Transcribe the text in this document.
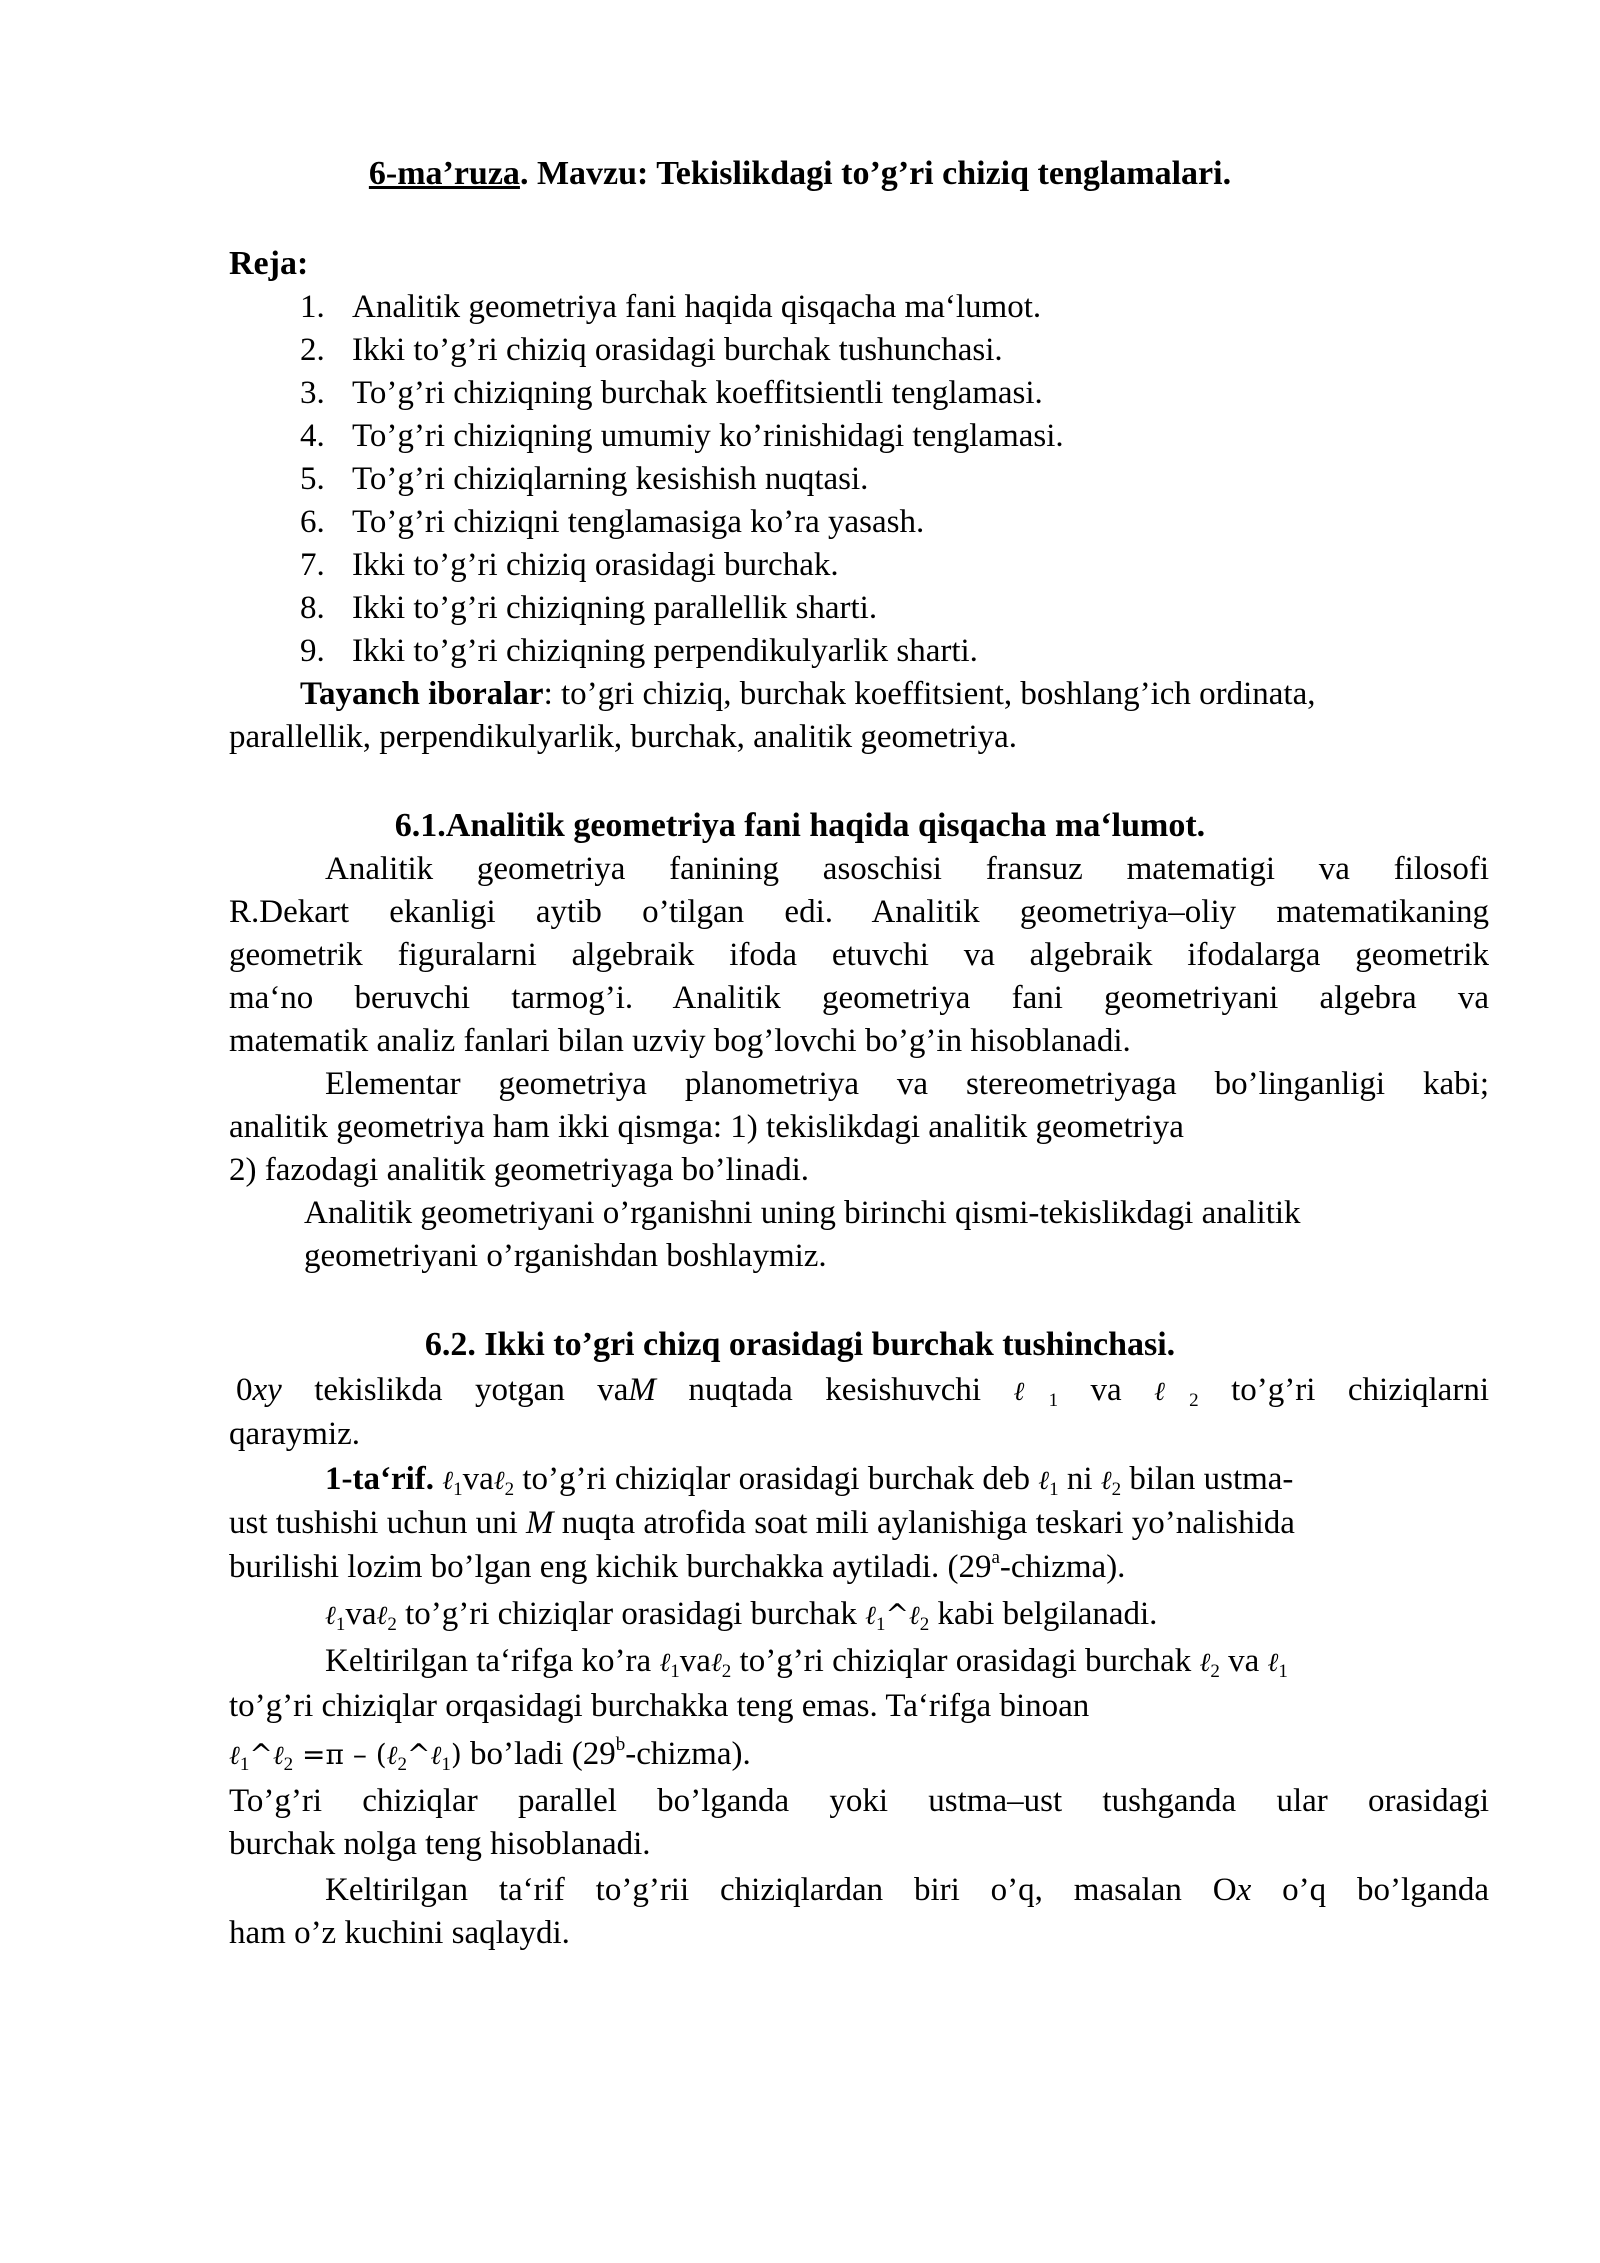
6-ma’ruza. Mavzu: Tekislikdagi to’g’ri chiziq tenglamalari.
Reja:
1. Analitik geometriya fani haqida qisqacha ma‘lumot.
2. Ikki to’g’ri chiziq orasidagi burchak tushunchasi.
3. To’g’ri chiziqning burchak koeffitsientli tenglamasi.
4. To’g’ri chiziqning umumiy ko’rinishidagi tenglamasi.
5. To’g’ri chiziqlarning kesishish nuqtasi.
6. To’g’ri chiziqni tenglamasiga ko’ra yasash.
7. Ikki to’g’ri chiziq orasidagi burchak.
8. Ikki to’g’ri chiziqning parallellik sharti.
9. Ikki to’g’ri chiziqning perpendikulyarlik sharti.
Tayanch iboralar: to’gri chiziq, burchak koeffitsient, boshlang’ich ordinata,
parallellik, perpendikulyarlik, burchak, analitik geometriya.
6.1.Analitik geometriya fani haqida qisqacha ma‘lumot.
Analitik geometriya fanining asoschisi fransuz matematigi va filosofi
R.Dekart ekanligi aytib o’tilgan edi. Analitik geometriya–oliy matematikaning
geometrik figuralarni algebraik ifoda etuvchi va algebraik ifodalarga geometrik
ma‘no beruvchi tarmog’i. Analitik geometriya fani geometriyani algebra va
matematik analiz fanlari bilan uzviy bog’lovchi bo’g’in hisoblanadi.
Elementar geometriya planometriya va stereometriyaga bo’linganligi kabi;
analitik geometriya ham ikki qismga: 1) tekislikdagi analitik geometriya
2) fazodagi analitik geometriyaga bo’linadi.
Analitik geometriyani o’rganishni uning birinchi qismi-tekislikdagi analitik
geometriyani o’rganishdan boshlaymiz.
6.2. Ikki to’gri chizq orasidagi burchak tushinchasi.
0xy tekislikda yotgan vaM nuqtada kesishuvchi ℓ$_1$ va ℓ$_2$ to’g’ri chiziqlarni
qaraymiz.
1-ta‘rif. ℓ$_1$vaℓ$_2$ to’g’ri chiziqlar orasidagi burchak deb ℓ$_1$ ni ℓ$_2$ bilan ustma-
ust tushishi uchun uni M nuqta atrofida soat mili aylanishiga teskari yo’nalishida
burilishi lozim bo’lgan eng kichik burchakka aytiladi. (29$^a$-chizma).
ℓ$_1$vaℓ$_2$ to’g’ri chiziqlar orasidagi burchak ℓ$_1$^ℓ$_2$ kabi belgilanadi.
Keltirilgan ta‘rifga ko’ra ℓ$_1$vaℓ$_2$ to’g’ri chiziqlar orasidagi burchak ℓ$_2$ va ℓ$_1$
to’g’ri chiziqlar orqasidagi burchakka teng emas. Ta‘rifga binoan
ℓ$_1$^ℓ$_2$ =π – (ℓ$_2$^ℓ$_1$) bo’ladi (29$^b$-chizma).
To’g’ri chiziqlar parallel bo’lganda yoki ustma–ust tushganda ular orasidagi
burchak nolga teng hisoblanadi.
Keltirilgan ta‘rif to’g’rii chiziqlardan biri o’q, masalan Ox o’q bo’lganda
ham o’z kuchini saqlaydi.
